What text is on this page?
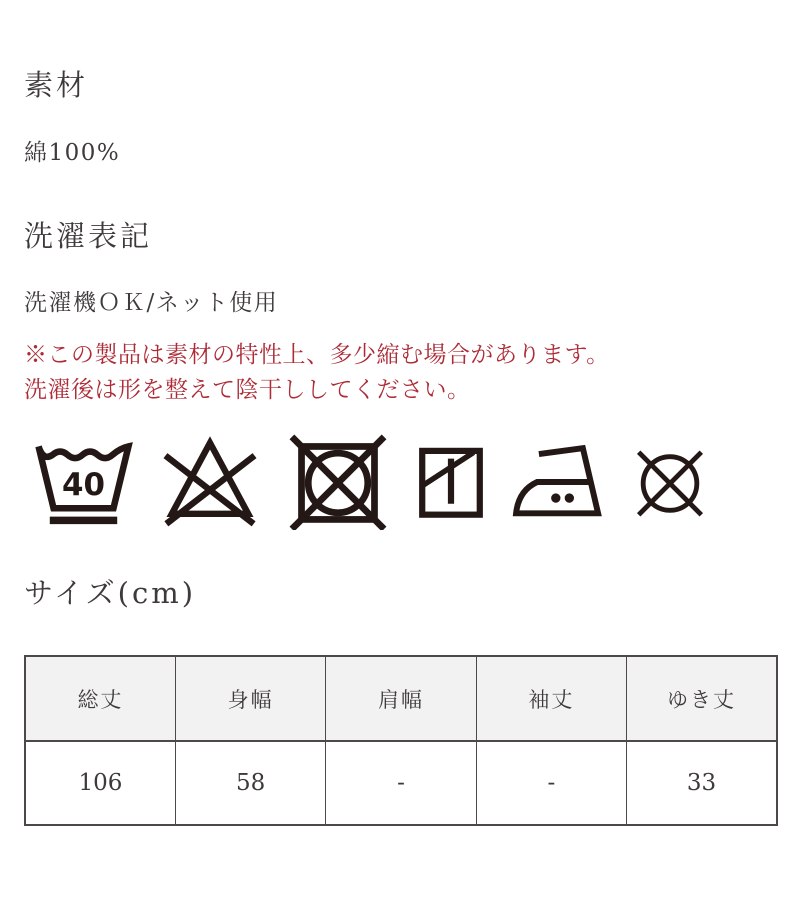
素材

綿100%

洗濯表記

洗濯機ＯＫ/ネット使用

※この製品は素材の特性上、多少縮む場合があります。
洗濯後は形を整えて陰干ししてください。
40
サイズ(cm)
総丈	身幅	肩幅	袖丈	ゆき丈
106	58	-	-	33
